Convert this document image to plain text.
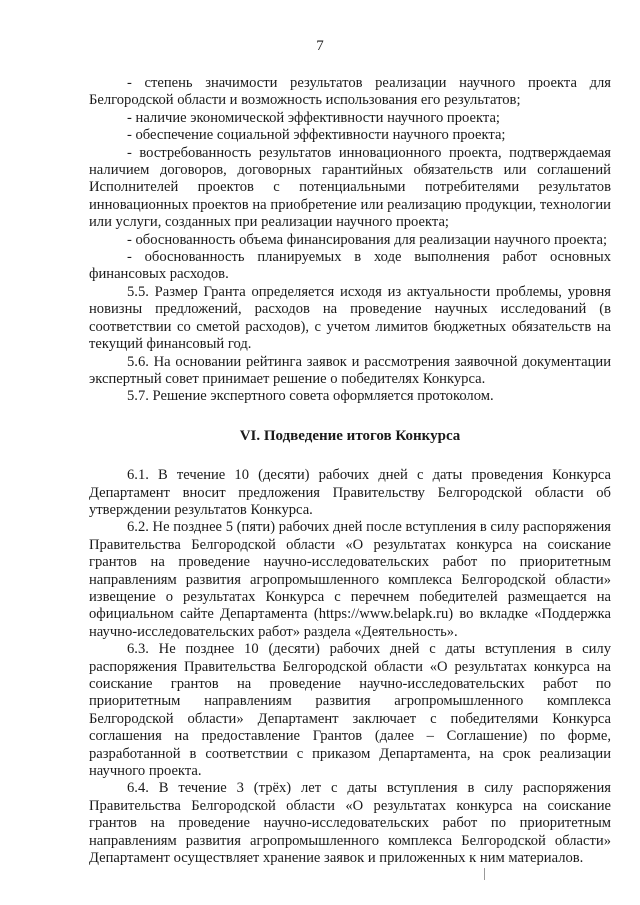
7

- степень значимости результатов реализации научного проекта для Белгородской области и возможность использования его результатов;

- наличие экономической эффективности научного проекта;

- обеспечение социальной эффективности научного проекта;

- востребованность результатов инновационного проекта, подтверждаемая наличием договоров, договорных гарантийных обязательств или соглашений Исполнителей проектов с потенциальными потребителями результатов инновационных проектов на приобретение или реализацию продукции, технологии или услуги, созданных при реализации научного проекта;

- обоснованность объема финансирования для реализации научного проекта;

- обоснованность планируемых в ходе выполнения работ основных финансовых расходов.

5.5. Размер Гранта определяется исходя из актуальности проблемы, уровня новизны предложений, расходов на проведение научных исследований (в соответствии со сметой расходов), с учетом лимитов бюджетных обязательств на текущий финансовый год.

5.6. На основании рейтинга заявок и рассмотрения заявочной документации экспертный совет принимает решение о победителях Конкурса.

5.7. Решение экспертного совета оформляется протоколом.

VI. Подведение итогов Конкурса

6.1. В течение 10 (десяти) рабочих дней с даты проведения Конкурса Департамент вносит предложения Правительству Белгородской области об утверждении результатов Конкурса.

6.2. Не позднее 5 (пяти) рабочих дней после вступления в силу распоряжения Правительства Белгородской области «О результатах конкурса на соискание грантов на проведение научно-исследовательских работ по приоритетным направлениям развития агропромышленного комплекса Белгородской области» извещение о результатах Конкурса с перечнем победителей размещается на официальном сайте Департамента (https://www.belapk.ru) во вкладке «Поддержка научно-исследовательских работ» раздела «Деятельность».

6.3. Не позднее 10 (десяти) рабочих дней с даты вступления в силу распоряжения Правительства Белгородской области «О результатах конкурса на соискание грантов на проведение научно-исследовательских работ по приоритетным направлениям развития агропромышленного комплекса Белгородской области» Департамент заключает с победителями Конкурса соглашения на предоставление Грантов (далее – Соглашение) по форме, разработанной в соответствии с приказом Департамента, на срок реализации научного проекта.

6.4. В течение 3 (трёх) лет с даты вступления в силу распоряжения Правительства Белгородской области «О результатах конкурса на соискание грантов на проведение научно-исследовательских работ по приоритетным направлениям развития агропромышленного комплекса Белгородской области» Департамент осуществляет хранение заявок и приложенных к ним материалов.
